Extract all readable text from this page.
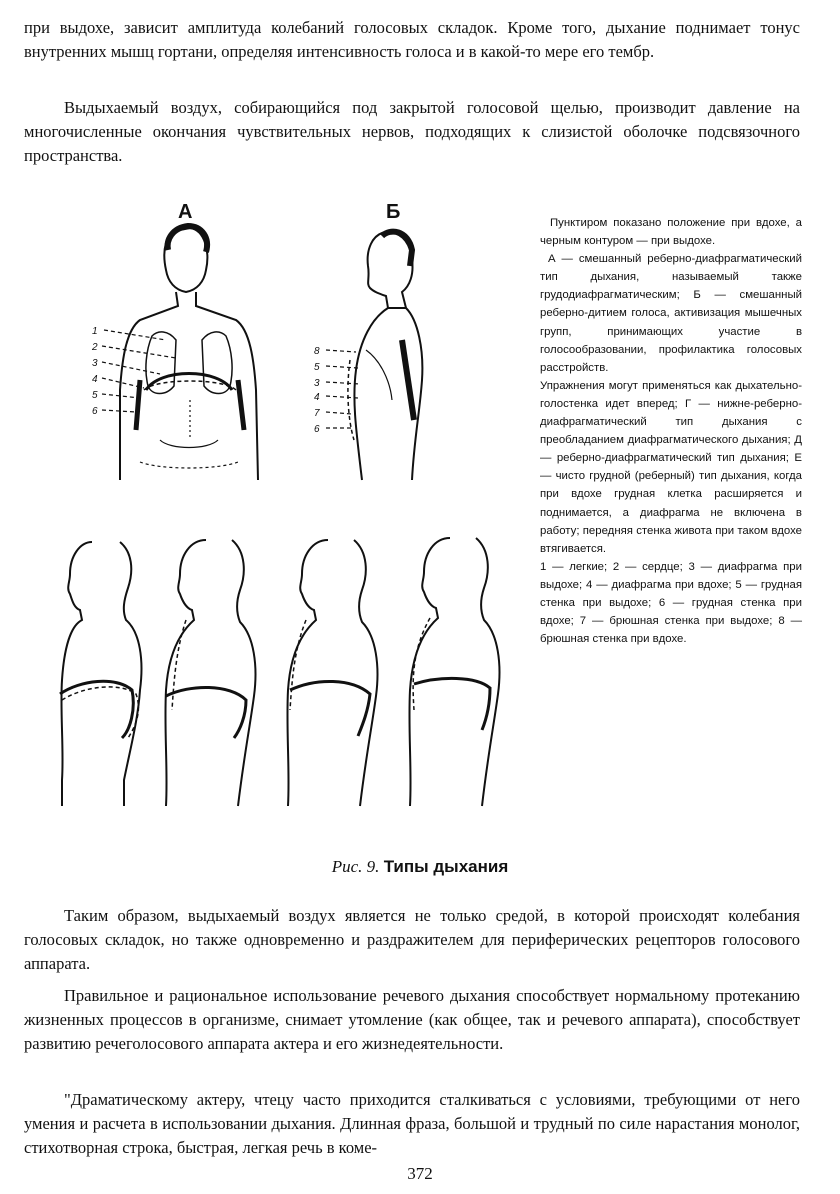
при выдохе, зависит амплитуда колебаний голосовых складок. Кроме того, дыхание поднимает тонус внутренних мышц гортани, определяя интенсивность голоса и в какой-то мере его тембр.

Выдыхаемый воздух, собирающийся под закрытой голосовой щелью, производит давление на многочисленные окончания чувствительных нервов, подходящих к слизистой оболочке подсвязочного пространства.

А
1
2
3
4
5
6
Б
8
5
3
4
7
6

Пунктиром показано положение при вдохе, а черным контуром — при выдохе.

А — смешанный реберно-диафрагматический тип дыхания, называемый также грудодиафрагматическим; Б — смешанный реберно-дитием голоса, активизация мышечных групп, принимающих участие в голосообразовании, профилактика голосовых расстройств.

Упражнения могут применяться как дыхательно-голостенка идет вперед; Г — нижне-реберно-диафрагматический тип дыхания с преобладанием диафрагматического дыхания; Д — реберно-диафрагматический тип дыхания; Е — чисто грудной (реберный) тип дыхания, когда при вдохе грудная клетка расширяется и поднимается, а диафрагма не включена в работу; передняя стенка живота при таком вдохе втягивается.

1 — легкие; 2 — сердце; 3 — диафрагма при выдохе; 4 — диафрагма при вдохе; 5 — грудная стенка при выдохе; 6 — грудная стенка при вдохе; 7 — брюшная стенка при выдохе; 8 — брюшная стенка при вдохе.

Рис. 9. Типы дыхания

Таким образом, выдыхаемый воздух является не только средой, в которой происходят колебания голосовых складок, но также одновременно и раздражителем для периферических рецепторов голосового аппарата.

Правильное и рациональное использование речевого дыхания способствует нормальному протеканию жизненных процессов в организме, снимает утомление (как общее, так и речевого аппарата), способствует развитию речеголосового аппарата актера и его жизнедеятельности.

"Драматическому актеру, чтецу часто приходится сталкиваться с условиями, требующими от него умения и расчета в использовании дыхания. Длинная фраза, большой и трудный по силе нарастания монолог, стихотворная строка, быстрая, легкая речь в коме-

372
